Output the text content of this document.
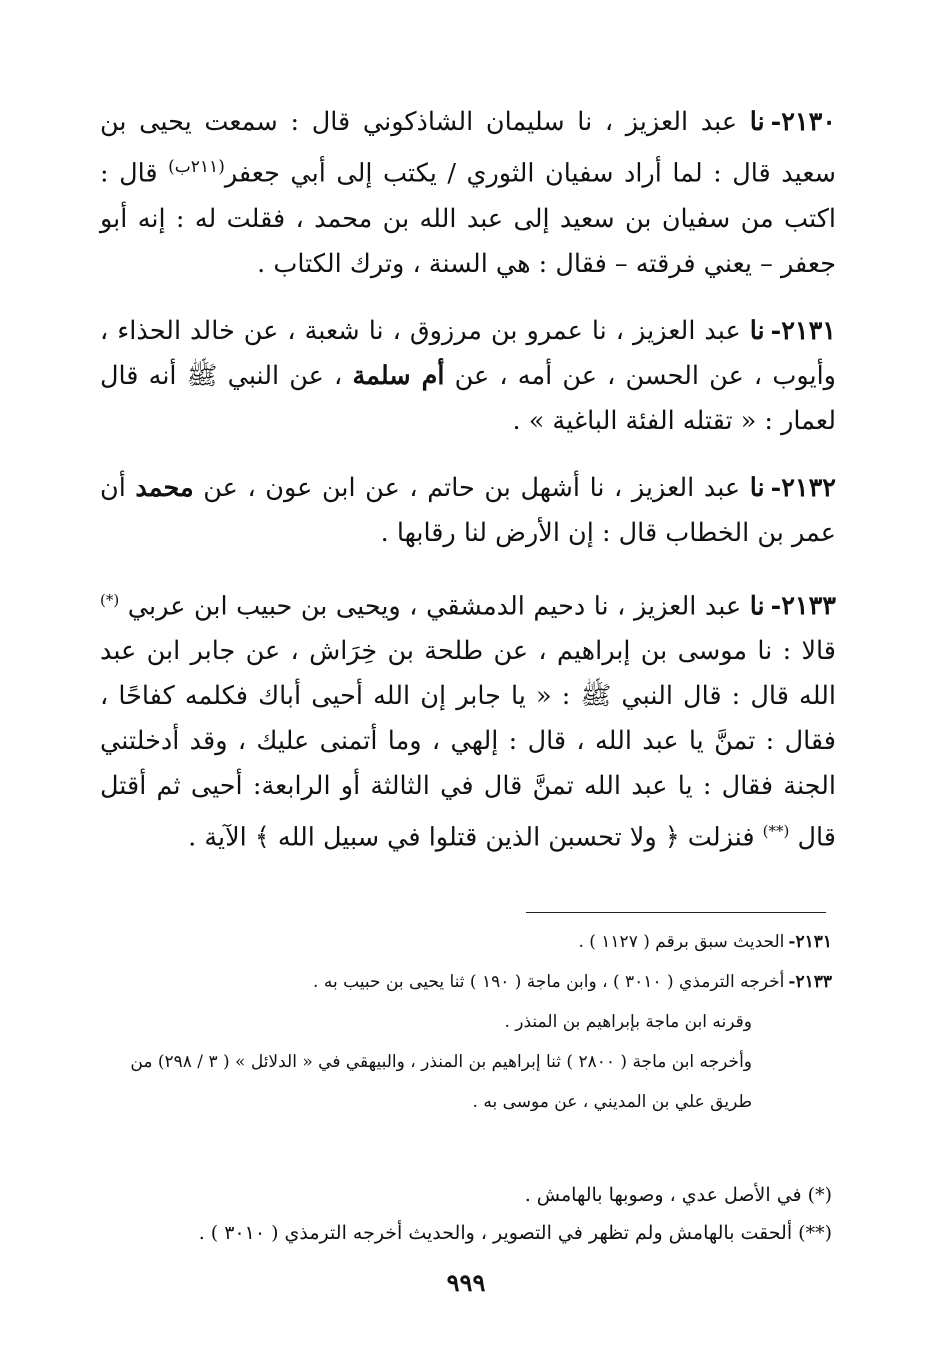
٢١٣٠-نا عبد العزيز ، نا سليمان الشاذكوني قال : سمعت يحيى بن سعيد قال : لما أراد سفيان الثوري / يكتب إلى أبي جعفر$^{(٢١١ب)}$ قال : اكتب من سفيان بن سعيد إلى عبد الله بن محمد ، فقلت له : إنه أبو جعفر – يعني فرقته – فقال : هي السنة ، وترك الكتاب .

٢١٣١-نا عبد العزيز ، نا عمرو بن مرزوق ، نا شعبة ، عن خالد الحذاء ، وأيوب ، عن الحسن ، عن أمه ، عن أم سلمة ، عن النبي ﷺ أنه قال لعمار : « تقتله الفئة الباغية » .

٢١٣٢-نا عبد العزيز ، نا أشهل بن حاتم ، عن ابن عون ، عن محمد أن عمر بن الخطاب قال : إن الأرض لنا رقابها .

٢١٣٣-نا عبد العزيز ، نا دحيم الدمشقي ، ويحيى بن حبيب ابن عربي (*) قالا : نا موسى بن إبراهيم ، عن طلحة بن خِرَاش ، عن جابر ابن عبد الله قال : قال النبي ﷺ : « يا جابر إن الله أحيى أباك فكلمه كفاحًا ، فقال : تمنَّ يا عبد الله ، قال : إلهي ، وما أتمنى عليك ، وقد أدخلتني الجنة فقال : يا عبد الله تمنَّ قال في الثالثة أو الرابعة: أحيى ثم أقتل قال (**) فنزلت ﴿ ولا تحسبن الذين قتلوا في سبيل الله ﴾ الآية .

٢١٣١-الحديث سبق برقم ( ١١٢٧ ) .
٢١٣٣-أخرجه الترمذي ( ٣٠١٠ ) ، وابن ماجة ( ١٩٠ ) ثنا يحيى بن حبيب به .
وقرنه ابن ماجة بإبراهيم بن المنذر .
وأخرجه ابن ماجة ( ٢٨٠٠ ) ثنا إبراهيم بن المنذر ، والبيهقي في « الدلائل » ( ٣ / ٢٩٨) من طريق علي بن المديني ، عن موسى به .
(*) في الأصل عدي ، وصوبها بالهامش .
(**) ألحقت بالهامش ولم تظهر في التصوير ، والحديث أخرجه الترمذي ( ٣٠١٠ ) .
٩٩٩
